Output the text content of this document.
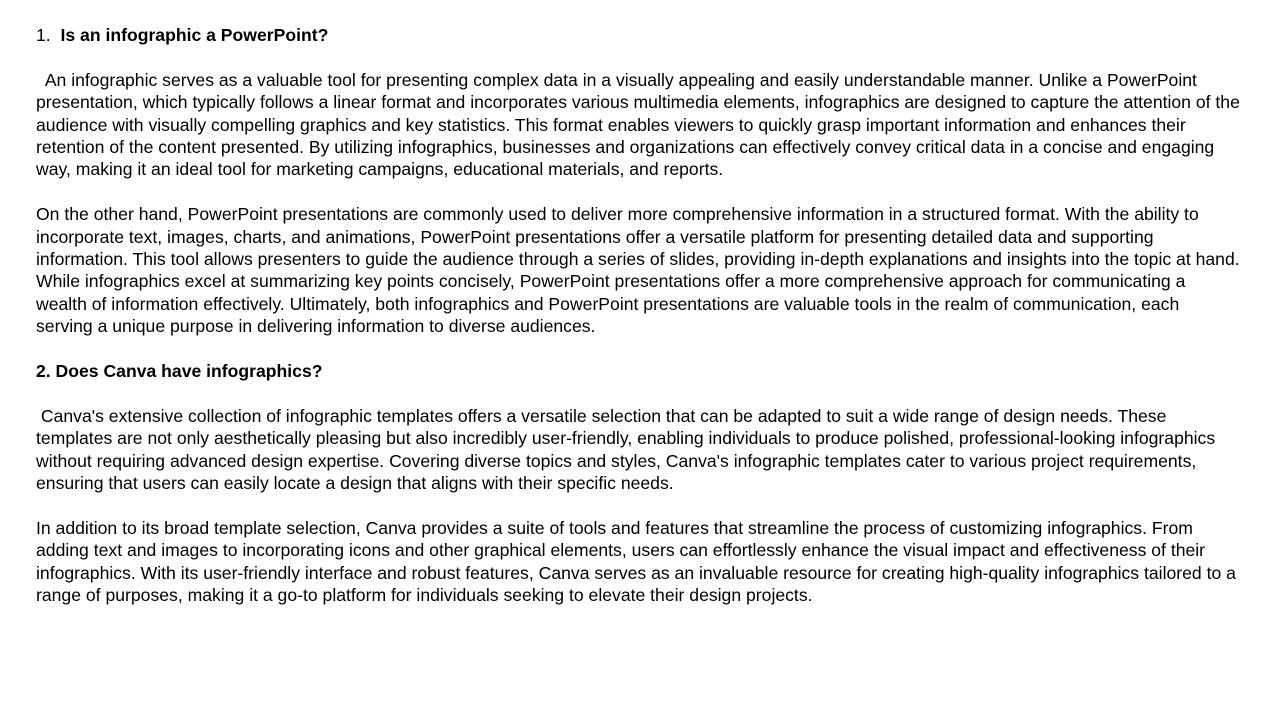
1. Is an infographic a PowerPoint?

An infographic serves as a valuable tool for presenting complex data in a visually appealing and easily understandable manner. Unlike a PowerPoint presentation, which typically follows a linear format and incorporates various multimedia elements, infographics are designed to capture the attention of the audience with visually compelling graphics and key statistics. This format enables viewers to quickly grasp important information and enhances their retention of the content presented. By utilizing infographics, businesses and organizations can effectively convey critical data in a concise and engaging way, making it an ideal tool for marketing campaigns, educational materials, and reports.

On the other hand, PowerPoint presentations are commonly used to deliver more comprehensive information in a structured format. With the ability to incorporate text, images, charts, and animations, PowerPoint presentations offer a versatile platform for presenting detailed data and supporting information. This tool allows presenters to guide the audience through a series of slides, providing in-depth explanations and insights into the topic at hand. While infographics excel at summarizing key points concisely, PowerPoint presentations offer a more comprehensive approach for communicating a wealth of information effectively. Ultimately, both infographics and PowerPoint presentations are valuable tools in the realm of communication, each serving a unique purpose in delivering information to diverse audiences.

2. Does Canva have infographics?

Canva's extensive collection of infographic templates offers a versatile selection that can be adapted to suit a wide range of design needs. These templates are not only aesthetically pleasing but also incredibly user-friendly, enabling individuals to produce polished, professional-looking infographics without requiring advanced design expertise. Covering diverse topics and styles, Canva's infographic templates cater to various project requirements, ensuring that users can easily locate a design that aligns with their specific needs.

In addition to its broad template selection, Canva provides a suite of tools and features that streamline the process of customizing infographics. From adding text and images to incorporating icons and other graphical elements, users can effortlessly enhance the visual impact and effectiveness of their infographics. With its user-friendly interface and robust features, Canva serves as an invaluable resource for creating high-quality infographics tailored to a range of purposes, making it a go-to platform for individuals seeking to elevate their design projects.
